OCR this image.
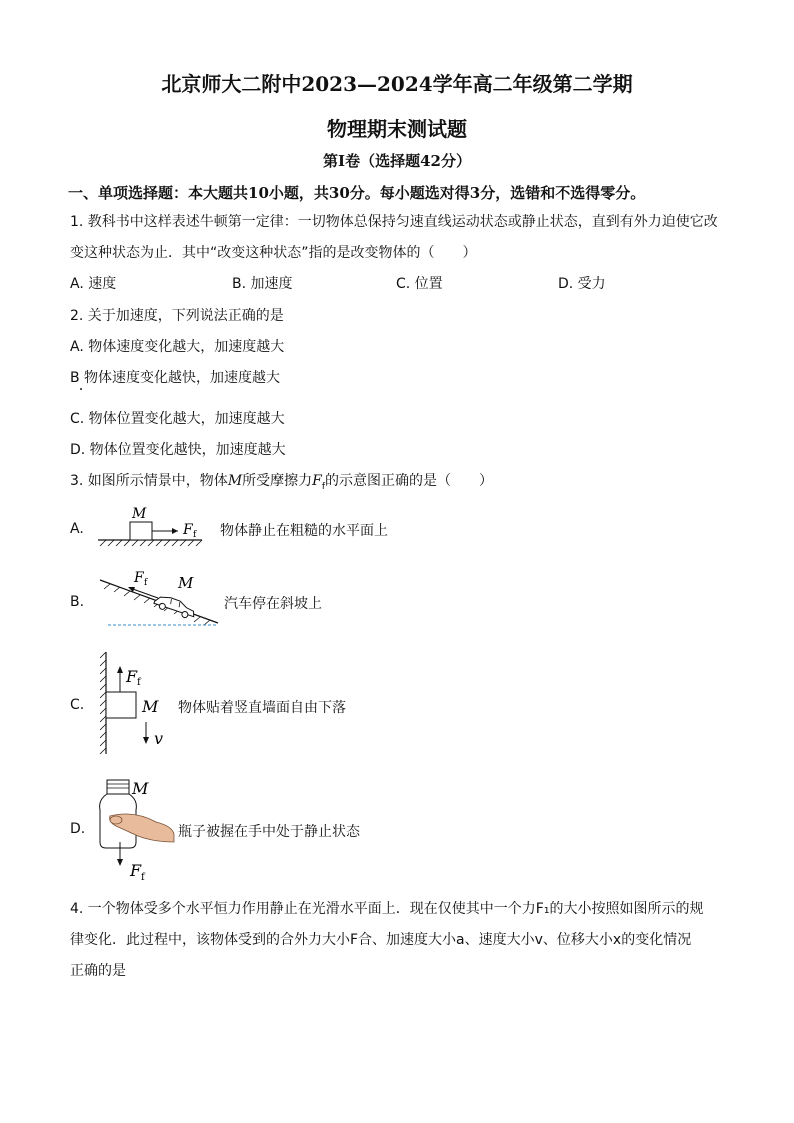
北京师大二附中2023—2024学年高二年级第二学期
物理期末测试题
第Ⅰ卷（选择题42分）
一、单项选择题：本大题共10小题，共30分。每小题选对得3分，选错和不选得零分。
1. 教科书中这样表述牛顿第一定律：一切物体总保持匀速直线运动状态或静止状态，直到有外力迫使它改
变这种状态为止．其中“改变这种状态”指的是改变物体的（　　）
A. 速度	B. 加速度	C. 位置	D. 受力
2. 关于加速度，下列说法正确的是
A. 物体速度变化越大，加速度越大
B 物体速度变化越快，加速度越大
C. 物体位置变化越大，加速度越大
D. 物体位置变化越快，加速度越大
3. 如图所示情景中，物体M所受摩擦力$F_f$的示意图正确的是（　　）
A.
M
F f 物体静止在粗糙的水平面上
B.
F f M
汽车停在斜坡上
C.
F f
M
v
物体贴着竖直墙面自由下落
D.
M
F f
瓶子被握在手中处于静止状态
4. 一个物体受多个水平恒力作用静止在光滑水平面上．现在仅使其中一个力F₁的大小按照如图所示的规
律变化．此过程中，该物体受到的合外力大小F合、加速度大小a、速度大小v、位移大小x的变化情况
正确的是
